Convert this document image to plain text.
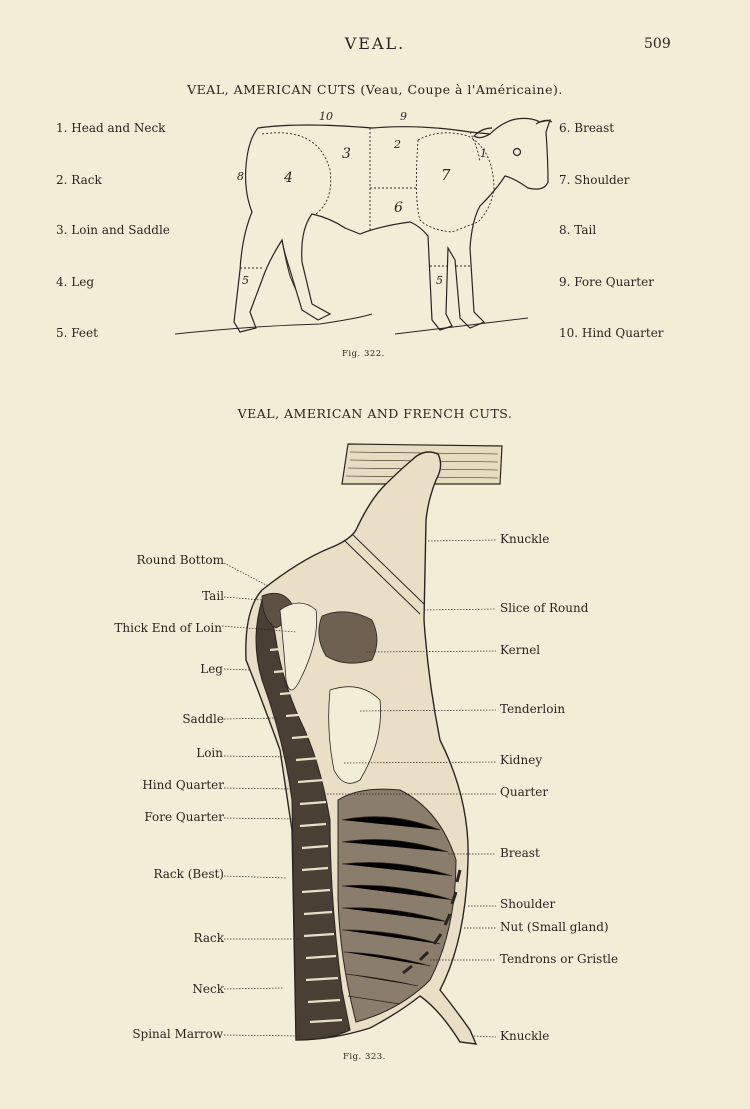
VEAL.	509
VEAL, AMERICAN CUTS (Veau, Coupe à l'Américaine).
1. Head and Neck
2. Rack
3. Loin and Saddle
4. Leg
5. Feet
6. Breast
7. Shoulder
8. Tail
9. Fore Quarter
10. Hind Quarter
10	9
1
2
3
4
5	5
6
7
8
Fig. 322.
VEAL, AMERICAN AND FRENCH CUTS.
Round Bottom
Tail
Thick End of Loin
Leg
Saddle
Loin
Hind Quarter
Fore Quarter
Rack (Best)
Rack
Neck
Spinal Marrow
Knuckle
Slice of Round
Kernel
Tenderloin
Kidney
Quarter
Breast
Shoulder
Nut (Small gland)
Tendrons or Gristle
Knuckle
Fig. 323.
